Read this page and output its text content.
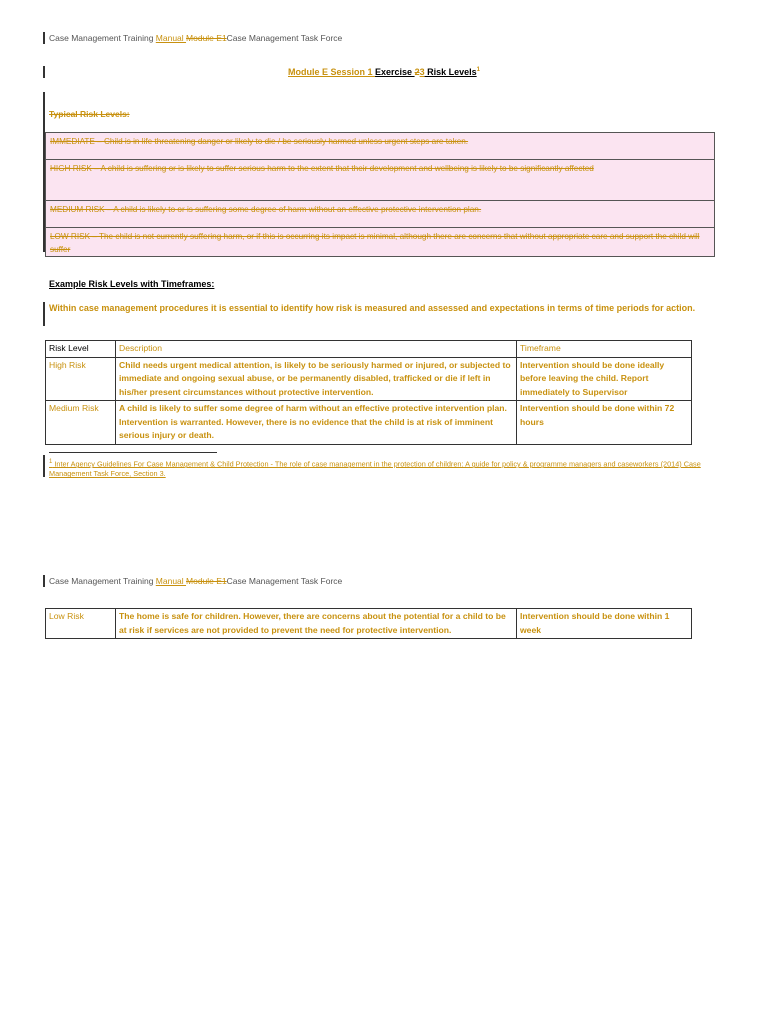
Case Management Training Manual Module E1Case Management Task Force
Module E Session 1 Exercise 23 Risk Levels$^1$
Typical Risk Levels:
IMMEDIATE – Child is in life threatening danger or likely to die / be seriously harmed unless urgent steps are taken.
HIGH RISK – A child is suffering or is likely to suffer serious harm to the extent that their development and wellbeing is likely to be significantly affected
MEDIUM RISK – A child is likely to or is suffering some degree of harm without an effective protective intervention plan.
LOW RISK – The child is not currently suffering harm, or if this is occurring its impact is minimal, although there are concerns that without appropriate care and support the child will suffer
Example Risk Levels with Timeframes:
Within case management procedures it is essential to identify how risk is measured and assessed and expectations in terms of time periods for action.
Risk Level	Description	Timeframe
High Risk	Child needs urgent medical attention, is likely to be seriously harmed or injured, or subjected to immediate and ongoing sexual abuse, or be permanently disabled, trafficked or die if left in his/her present circumstances without protective intervention.	Intervention should be done ideally before leaving the child. Report immediately to Supervisor
Medium Risk	A child is likely to suffer some degree of harm without an effective protective intervention plan. Intervention is warranted. However, there is no evidence that the child is at risk of imminent serious injury or death.	Intervention should be done within 72 hours
$^1$ Inter Agency Guidelines For Case Management & Child Protection - The role of case management in the protection of children: A guide for policy & programme managers and caseworkers (2014) Case Management Task Force, Section 3.
Case Management Training Manual Module E1Case Management Task Force
Low Risk	The home is safe for children. However, there are concerns about the potential for a child to be at risk if services are not provided to prevent the need for protective intervention.	Intervention should be done within 1 week
